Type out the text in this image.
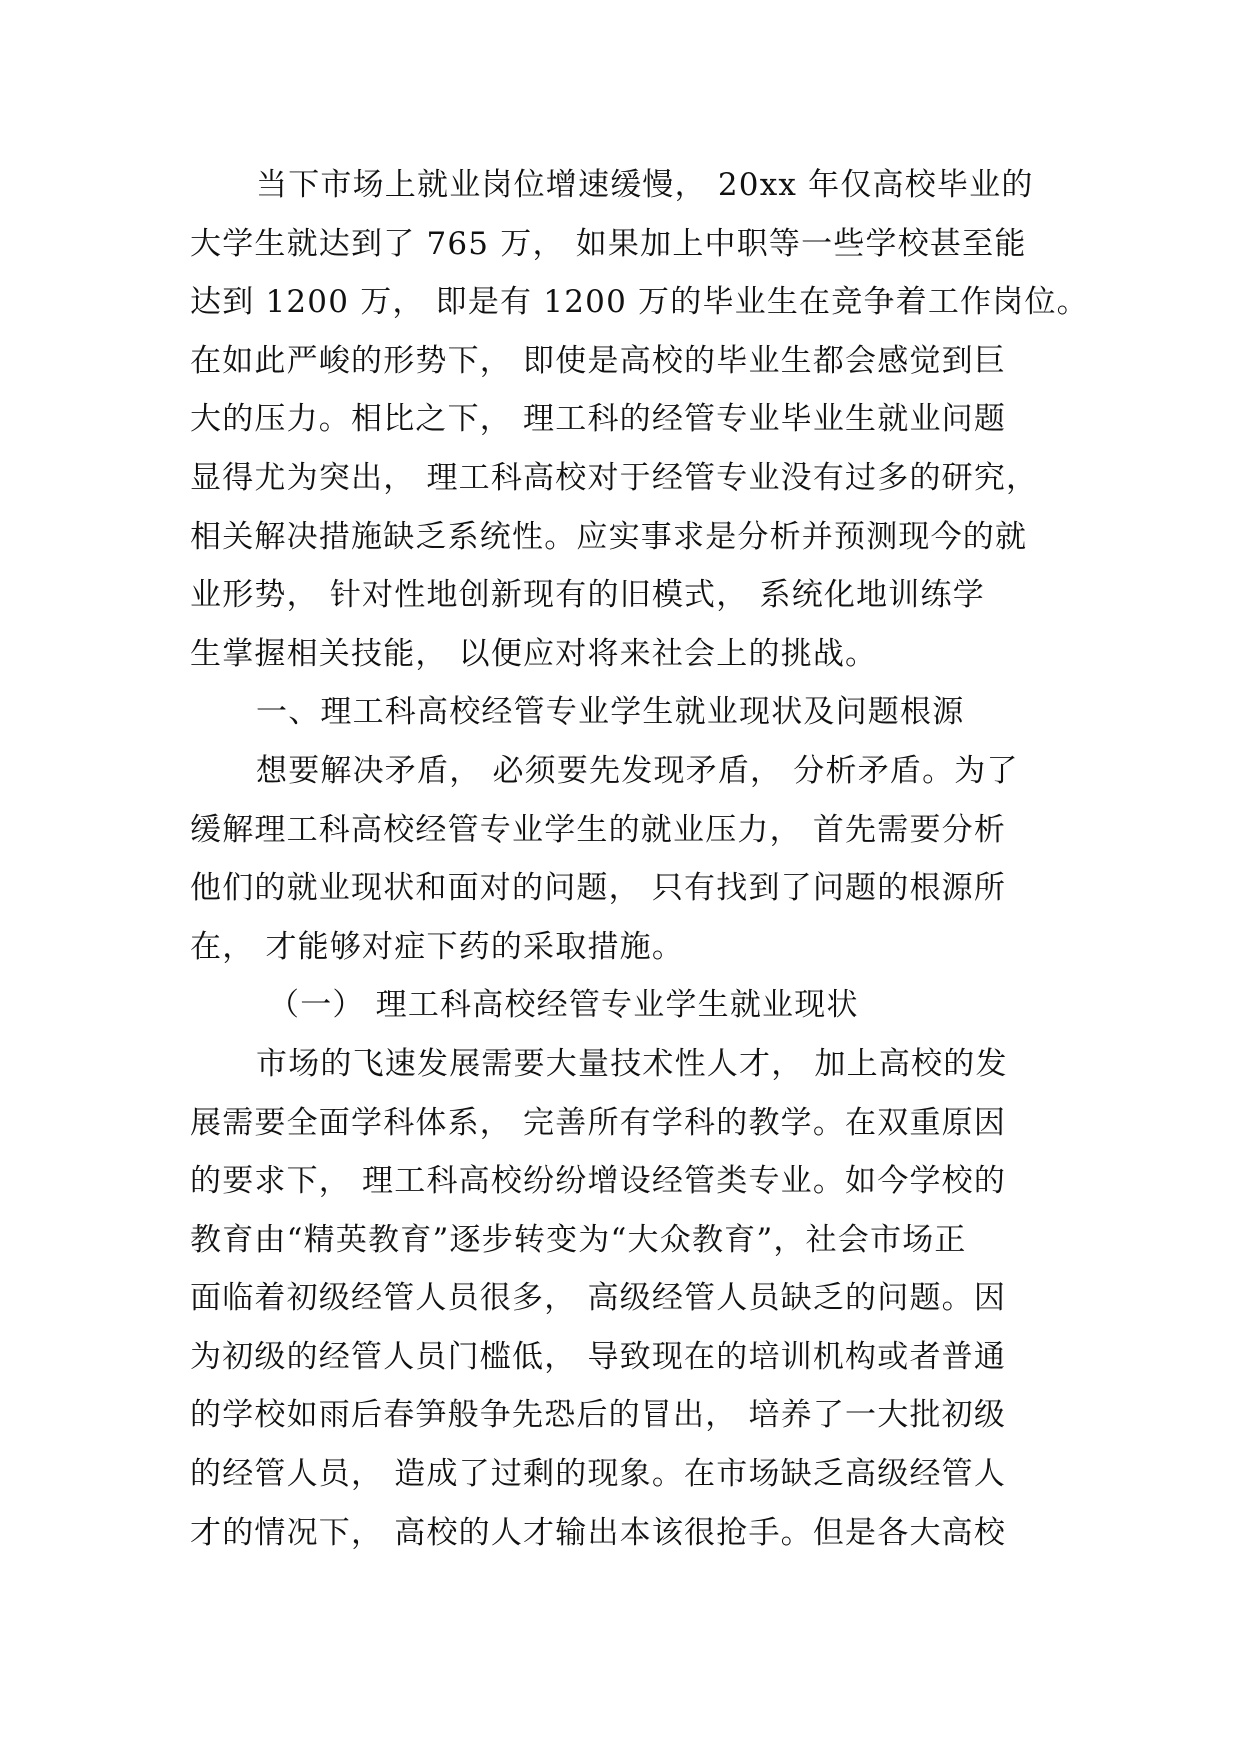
当下市场上就业岗位增速缓慢， 20xx 年仅高校毕业的
大学生就达到了 765 万， 如果加上中职等一些学校甚至能
达到 1200 万， 即是有 1200 万的毕业生在竞争着工作岗位。
在如此严峻的形势下， 即使是高校的毕业生都会感觉到巨
大的压力。相比之下， 理工科的经管专业毕业生就业问题
显得尤为突出， 理工科高校对于经管专业没有过多的研究，
相关解决措施缺乏系统性。应实事求是分析并预测现今的就
业形势， 针对性地创新现有的旧模式， 系统化地训练学
生掌握相关技能， 以便应对将来社会上的挑战。
一、理工科高校经管专业学生就业现状及问题根源
想要解决矛盾， 必须要先发现矛盾， 分析矛盾。为了
缓解理工科高校经管专业学生的就业压力， 首先需要分析
他们的就业现状和面对的问题， 只有找到了问题的根源所
在， 才能够对症下药的采取措施。
（一） 理工科高校经管专业学生就业现状
市场的飞速发展需要大量技术性人才， 加上高校的发
展需要全面学科体系， 完善所有学科的教学。在双重原因
的要求下， 理工科高校纷纷增设经管类专业。如今学校的
教育由“精英教育”逐步转变为“大众教育”，社会市场正
面临着初级经管人员很多， 高级经管人员缺乏的问题。因
为初级的经管人员门槛低， 导致现在的培训机构或者普通
的学校如雨后春笋般争先恐后的冒出， 培养了一大批初级
的经管人员， 造成了过剩的现象。在市场缺乏高级经管人
才的情况下， 高校的人才输出本该很抢手。但是各大高校
